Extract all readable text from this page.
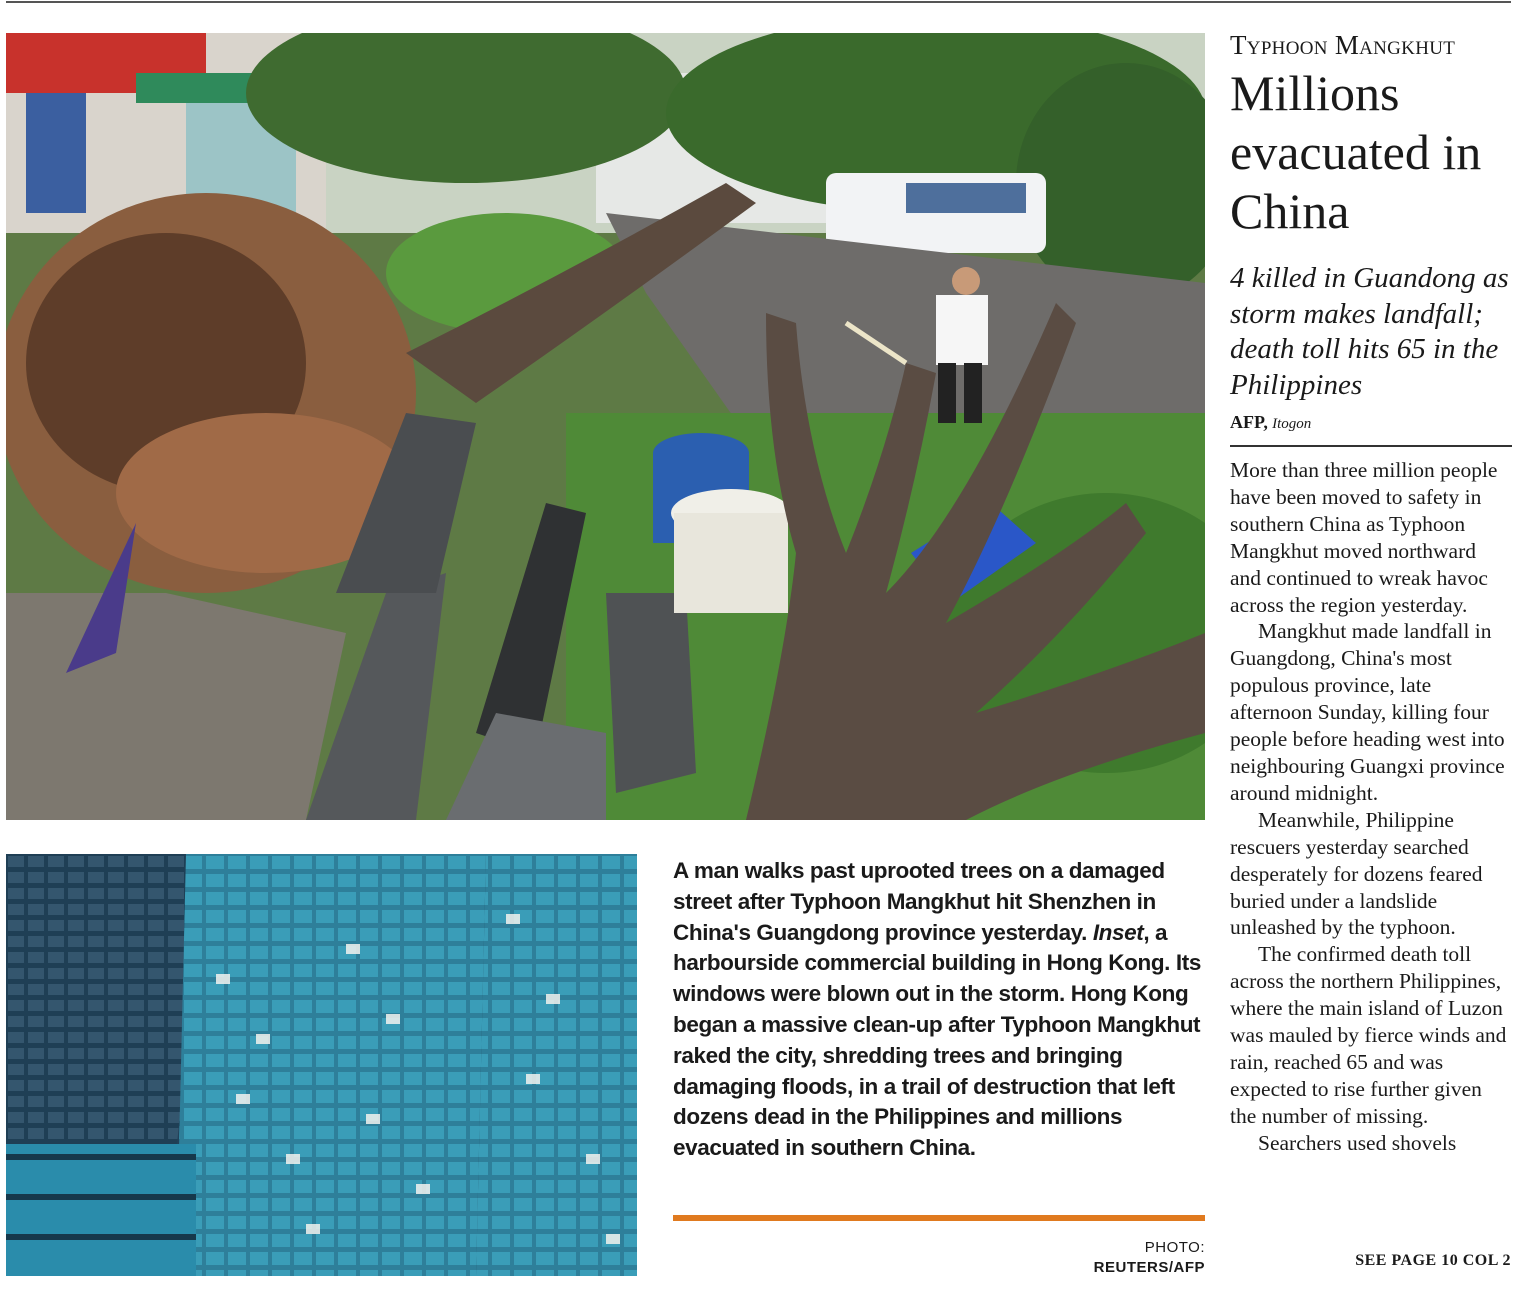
A man walks past uprooted trees on a damaged street after Typhoon Mangkhut hit Shenzhen in China's Guangdong province yesterday. Inset, a harbourside commercial building in Hong Kong. Its windows were blown out in the storm. Hong Kong began a massive clean-up after Typhoon Mangkhut raked the city, shredding trees and bringing damaging floods, in a trail of destruction that left dozens dead in the Philippines and millions evacuated in southern China.
PHOTO:
REUTERS/AFP
Typhoon Mangkhut
Millions evacuated in China
4 killed in Guandong as storm makes landfall; death toll hits 65 in the Philippines
AFP, Itogon

More than three million people have been moved to safety in southern China as Typhoon Mangkhut moved northward and continued to wreak havoc across the region yesterday.

Mangkhut made landfall in Guangdong, China's most populous province, late afternoon Sunday, killing four people before heading west into neighbouring Guangxi province around midnight.

Meanwhile, Philippine rescuers yesterday searched desperately for dozens feared buried under a landslide unleashed by the typhoon.

The confirmed death toll across the northern Philippines, where the main island of Luzon was mauled by fierce winds and rain, reached 65 and was expected to rise further given the number of missing.

Searchers used shovels

SEE PAGE 10 COL 2
